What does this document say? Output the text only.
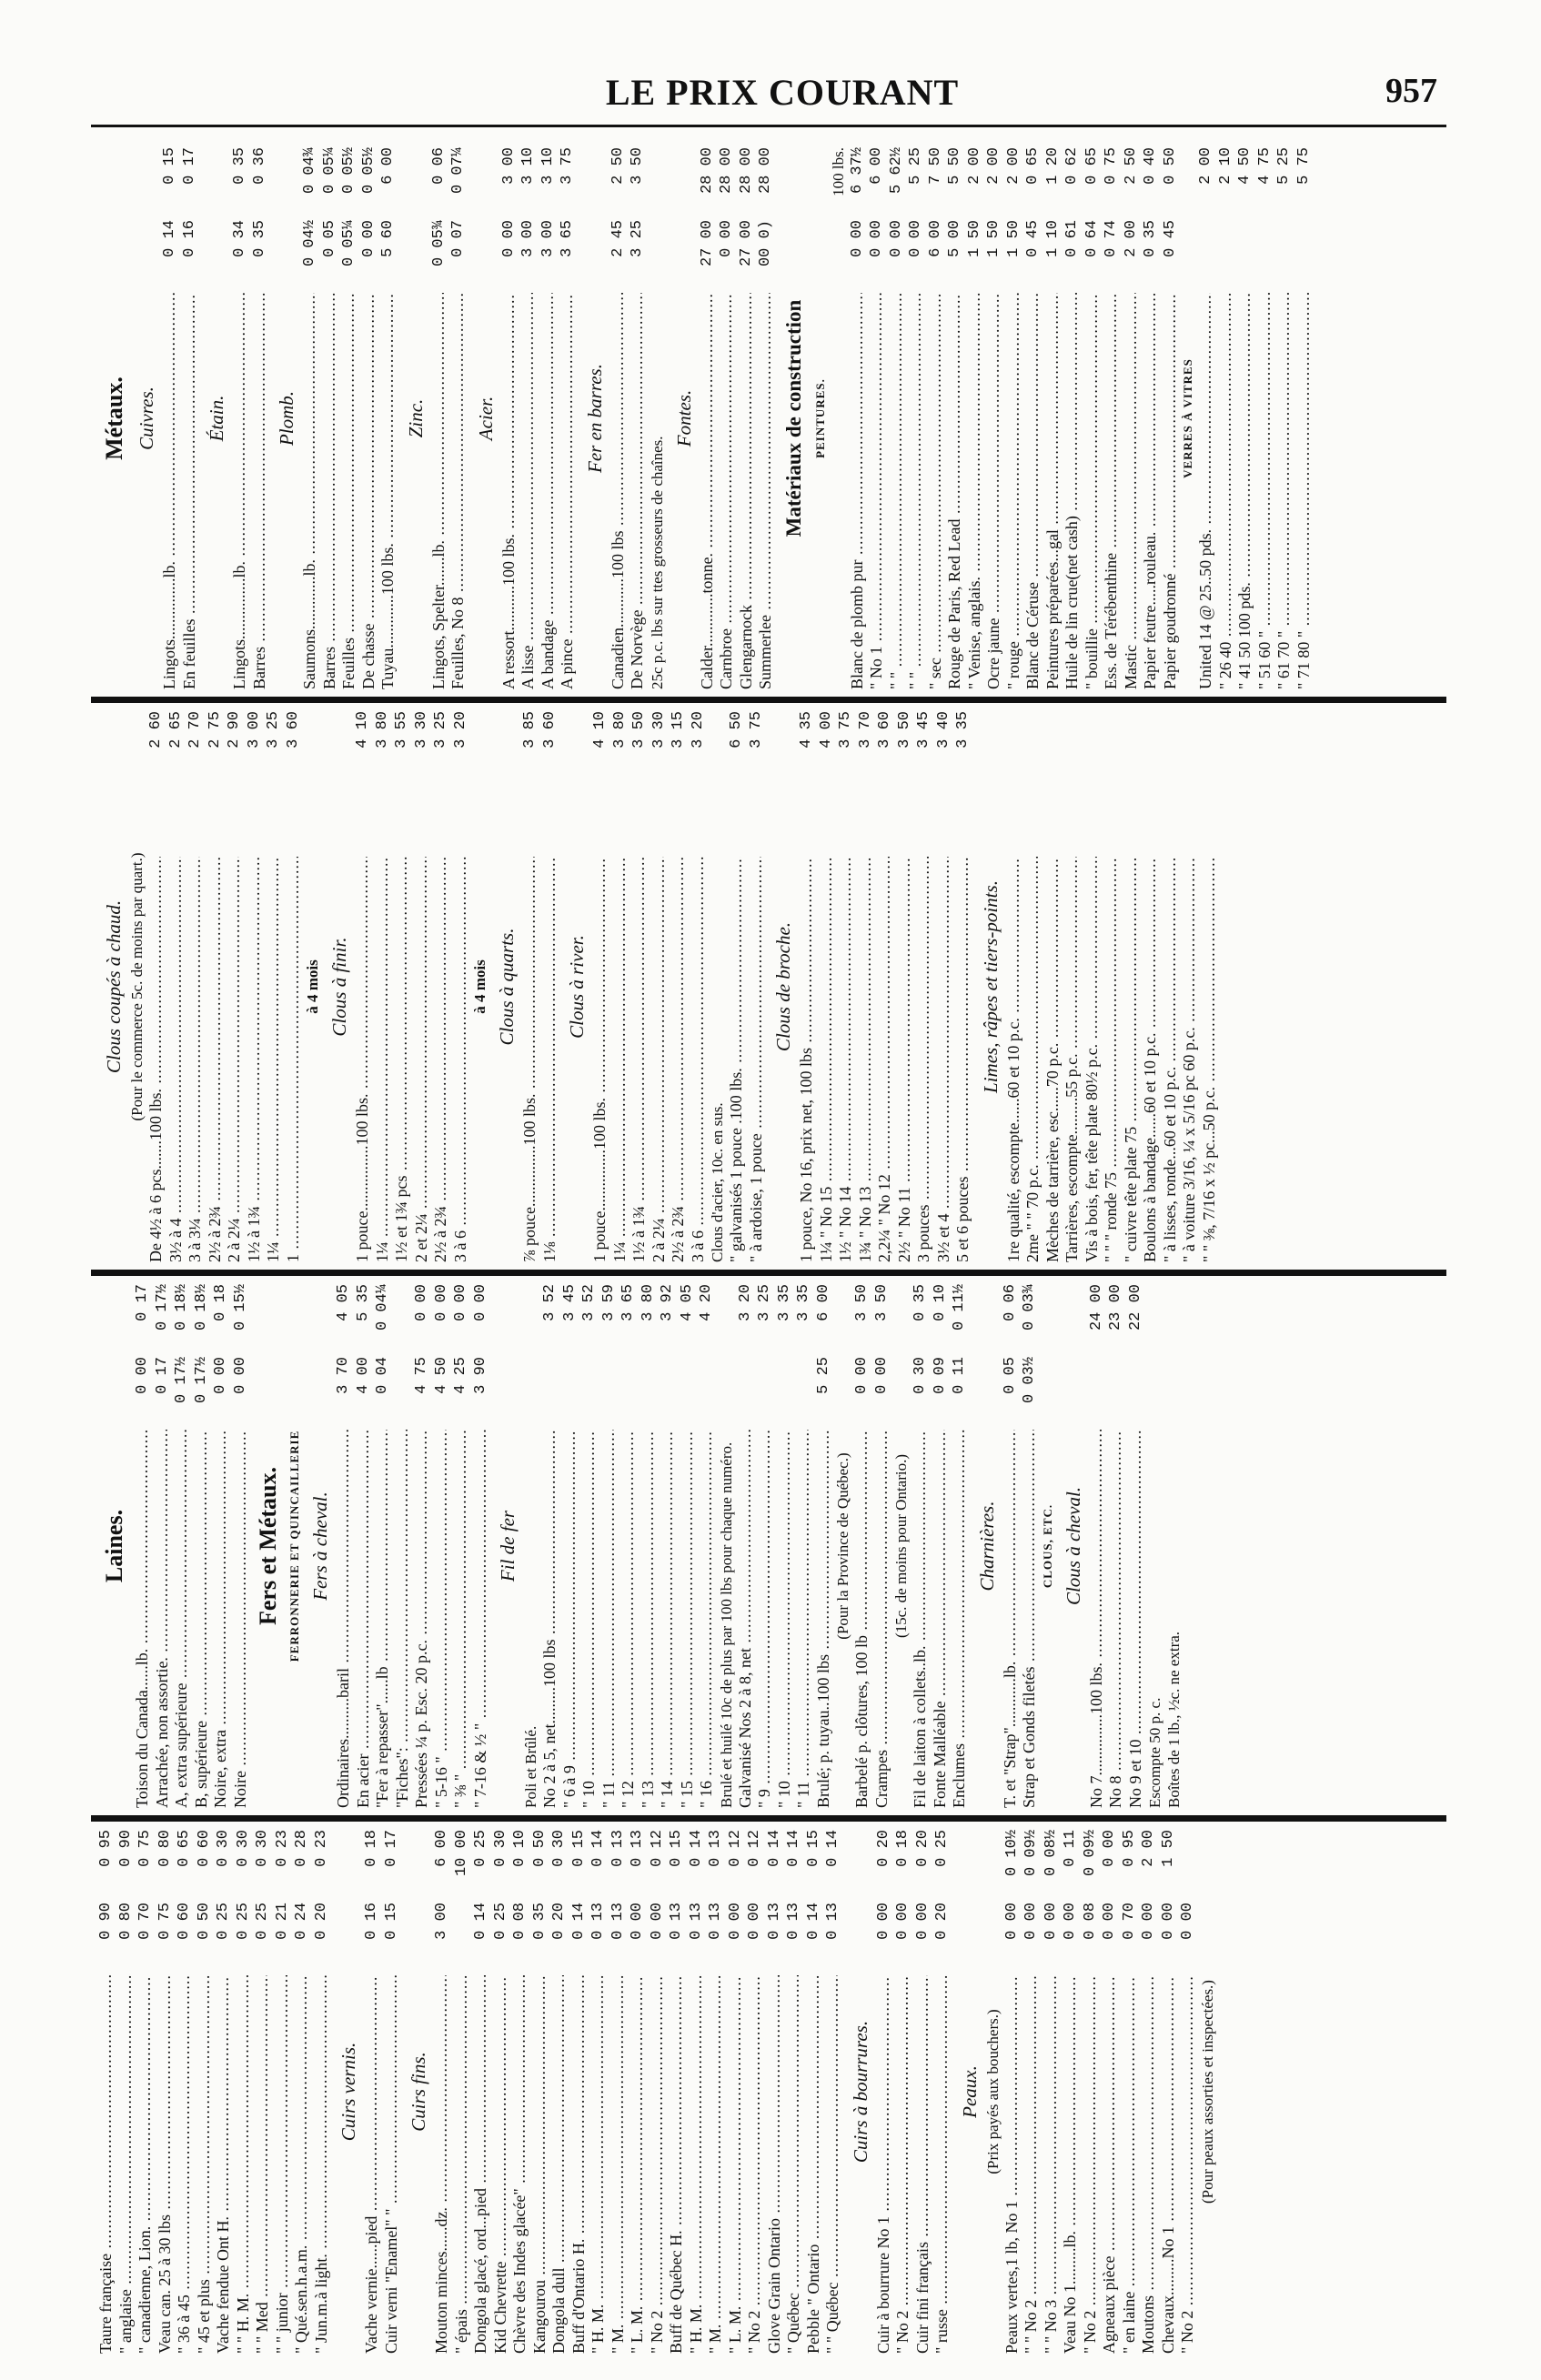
LE PRIX COURANT	957
Taure française .....
0 90
0 95
" anglaise .....
0 80
0 90
" canadienne, Lion. .....
0 70
0 75
Veau can. 25 à 30 lbs .....
0 75
0 80
" 36 à 45 .....
0 60
0 65
" 45 et plus .....
0 50
0 60
Vache fendue Ont H. .....
0 25
0 30
" " H. M. .....
0 25
0 30
" " Med .....
0 25
0 30
" " junior .....
0 21
0 23
" Qué.sen.h.a.m. .....
0 24
0 28
" Jun.m.à light. .....
0 20
0 23
Cuirs vernis.
Vache vernie......pied .....
0 16
0 18
Cuir verni "Enamel" " .....
0 15
0 17
Cuirs fins.
Mouton minces......dz. .....
3 00
6 00
" épais .....
10 00
Dongola glacé, ord...pied .....
0 14
0 25
Kid Chevrette .....
0 25
0 30
Chèvre des Indes glacée" .....
0 08
0 10
Kangourou .....
0 35
0 50
Dongola dull .....
0 20
0 30
Buff d'Ontario H. .....
0 14
0 15
" H. M. .....
0 13
0 14
" M. .....
0 13
0 13
" L. M. .....
0 00
0 13
" No 2 .....
0 00
0 12
Buff de Québec H. .....
0 13
0 15
" H. M. .....
0 13
0 14
" M. .....
0 13
0 13
" L. M. .....
0 00
0 12
" No 2 .....
0 00
0 12
Glove Grain Ontario .....
0 13
0 14
" Québec .....
0 13
0 14
Pebble " Ontario .....
0 14
0 15
" " Québec .....
0 13
0 14
Cuirs à bourrures.
Cuir à bourrure No 1 .....
0 00
0 20
" No 2 .....
0 00
0 18
Cuir fini français .....
0 00
0 20
" russe .....
0 20
0 25
Peaux. (Prix payés aux bouchers.)
Peaux vertes,1 lb, No 1 .....
0 00
0 10½
" " No 2 .....
0 00
0 09½
" " No 3 .....
0 00
0 08½
Veau No 1.........lb. .....
0 00
0 11
" No 2 .....
0 08
0 09½
Agneaux pièce .....
0 00
0 00
" en laine .....
0 70
0 95
Moutons .....
0 00
2 00
Chevaux.........No 1 .....
0 00
1 50
" No 2 .....
0 00
(Pour peaux assorties et inspectées.)
Laines.
Toison du Canada......lb. .....
0 00
0 17
Arrachée, non assortie. .....
0 17
0 17½
A, extra supérieure .....
0 17½
0 18½
B, supérieure .....
0 17½
0 18½
Noire, extra .....
0 00
0 18
Noire .....
0 00
0 15½
Fers et Métaux. FERRONNERIE ET QUINCAILLERIE Fers à cheval.
Ordinaires..........baril .....
3 70
4 05
En acier .....
4 00
5 35
"Fer à repasser"......lb .....
0 04
0 04¼
"Fiches": ..... Pressées ¼ p. Esc. 20 p.c. .....
4 75
0 00
" 5-16 " .....
4 50
0 00
" ⅜ " .....
4 25
0 00
" 7-16 & ½ " .....
3 90
0 00
Fil de fer
Poli et Brûlé. No 2 à 5, net.........100 lbs .....
3 52
" 6 à 9 .....
3 45
" 10 .....
3 52
" 11 .....
3 59
" 12 .....
3 65
" 13 .....
3 80
" 14 .....
3 92
" 15 .....
4 05
" 16 .....
4 20
Brulé et huilé 10c de plus par 100 lbs pour chaque numéro. Galvanisé Nos 2 à 8, net .....
3 20
" 9 .....
3 25
" 10 .....
3 35
" 11 .....
3 35
Brulé; p. tuyau..100 lbs .....
5 25
6 00
(Pour la Province de Québec.)
Barbelé p. clôtures, 100 lb .....
0 00
3 50
Crampes .....
0 00
3 50
(15c. de moins pour Ontario.)
Fil de laiton à collets..lb. .....
0 30
0 35
Fonte Malléable .....
0 09
0 10
Enclumes .....
0 11
0 11½
Charnières.
T. et "Strap"............lb. .....
0 05
0 06
Strap et Gonds filetés .....
0 03½
0 03¾
CLOUS, ETC. Clous à cheval.
No 7...............100 lbs. .....
24 00
No 8 .....
23 00
No 9 et 10 .....
22 00
Escompte 50 p. c. Boîtes de 1 lb., ½c. ne extra.
Clous coupés à chaud. (Pour le commerce 5c. de moins par quart.)
De 4½ à 6 pcs.......100 lbs. .....
2 60
3½ à 4 .....
2 65
3 à 3¼ .....
2 70
2½ à 2¾ .....
2 75
2 à 2¼ .....
2 90
1½ à 1¾ .....
3 00
1¼ .....
3 25
1 .....
3 60
à 4 mois Clous à finir.
1 pouce................100 lbs. .....
4 10
1¼ .....
3 80
1½ et 1¾ pcs .....
3 55
2 et 2¼ .....
3 30
2½ à 2¾ .....
3 25
3 à 6 .....
3 20
à 4 mois Clous à quarts.
⅞ pouce...............100 lbs. .....
3 85
1⅛ .....
3 60
Clous à river.
1 pouce...............100 lbs. .....
4 10
1¼ .....
3 80
1½ à 1¾ .....
3 50
2 à 2¼ .....
3 30
2½ à 2¾ .....
3 15
3 à 6 .....
3 20
Clous d'acier, 10c. en sus. " galvanisés 1 pouce .100 lbs. .....
6 50
" à ardoise, 1 pouce .....
3 75
Clous de broche.
1 pouce, No 16, prix net, 100 lbs .....
4 35
1¼ " No 15 .....
4 00
1½ " No 14 .....
3 75
1¾ " No 13 .....
3 70
2,2¼ " No 12 .....
3 60
2½ " No 11 .....
3 50
3 pouces .....
3 45
3½ et 4 .....
3 40
5 et 6 pouces .....
3 35
Limes, râpes et tiers-points.
1re qualité, escompte......60 et 10 p.c. ..... 2me " " 70 p.c. ..... Mèches de tarrière, esc......70 p.c. ..... Tarrières, escompte.........55 p.c. ..... Vis à bois, fer, tête plate 80½ p.c. ..... " " " ronde 75 ..... " cuivre tête plate 75 ..... Boulons à bandage......60 et 10 p.c. ..... " à lisses, ronde...60 et 10 p.c. ..... " à voiture 3/16, ¼ x 5/16 pc 60 p.c. ..... " " ⅜, 7/16 x ½ pc...50 p.c. .....
Métaux. Cuivres.
Lingots...............lb. .....
0 14
0 15
En feuilles .....
0 16
0 17
Étain.
Lingots...............lb. .....
0 34
0 35
Barres .....
0 35
0 36
Plomb.
Saumons.............lb. .....
0 04½
0 04¾
Barres .....
0 05
0 05¼
Feuilles .....
0 05¼
0 05½
De chasse .....
0 00
0 05½
Tuyau.............100 lbs. .....
5 60
6 00
Zinc.
Lingots, Spelter.......lb. .....
0 05¾
0 06
Feuilles, No 8 .....
0 07
0 07¼
Acier.
A ressort...........100 lbs. .....
0 00
3 00
A lisse .....
3 00
3 10
A bandage .....
3 00
3 10
A pince .....
3 65
3 75
Fer en barres.
Canadien............100 lbs .....
2 45
2 50
De Norvège .....
3 25
3 50
25c p.c. lbs sur ttes grosseurs de chaînes.
Fontes.
Calder.............tonne. .....
27 00
28 00
Carnbroe .....
0 00
28 00
Glengarnock .....
27 00
28 00
Summerlee .....
00 0)
28 00
Matériaux de construction PEINTURES.
100 lbs.
Blanc de plomb pur .....
0 00
6 37½
" No 1 .....
0 00
6 00
" " .....
0 00
5 62½
" " .....
0 00
5 25
" sec .....
6 00
7 50
Rouge de Paris, Red Lead .....
5 00
5 50
" Venise, anglais. .....
1 50
2 00
Ocre jaune .....
1 50
2 00
" rouge .....
1 50
2 00
Blanc de Céruse .....
0 45
0 65
Peintures préparées...gal .....
1 10
1 20
Huile de lin crue(net cash) .....
0 61
0 62
" bouillie .....
0 64
0 65
Ess. de Térébenthine .....
0 74
0 75
Mastic .....
2 00
2 50
Papier feutre.....rouleau. .....
0 35
0 40
Papier goudronné .....
0 45
0 50
VERRES À VITRES
United 14 @ 25..50 pds. .....
2 00
" 26 40 .....
2 10
" 41 50 100 pds. .....
4 50
" 51 60 " .....
4 75
" 61 70 " .....
5 25
" 71 80 " .....
5 75
